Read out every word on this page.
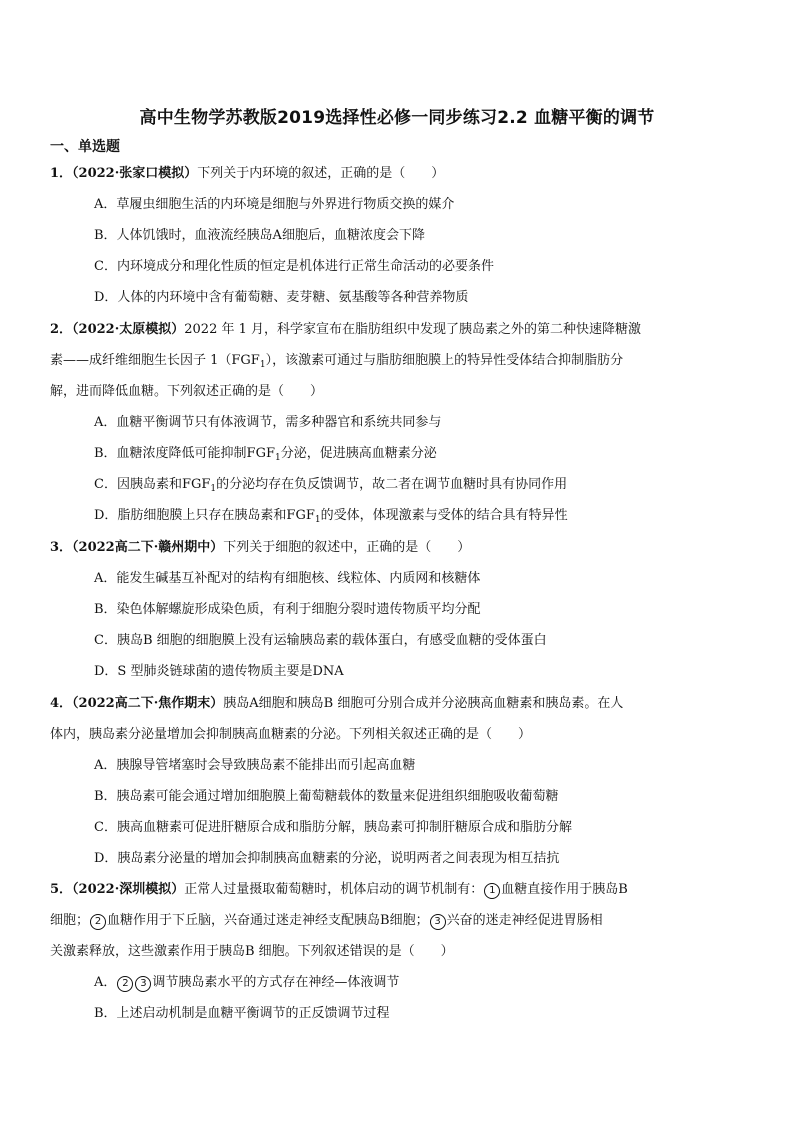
高中生物学苏教版2019选择性必修一同步练习2.2 血糖平衡的调节
一、单选题
1．（2022·张家口模拟）下列关于内环境的叙述，正确的是（　　）
A．草履虫细胞生活的内环境是细胞与外界进行物质交换的媒介
B．人体饥饿时，血液流经胰岛A细胞后，血糖浓度会下降
C．内环境成分和理化性质的恒定是机体进行正常生命活动的必要条件
D．人体的内环境中含有葡萄糖、麦芽糖、氨基酸等各种营养物质
2．（2022·太原模拟）2022 年 1 月，科学家宣布在脂肪组织中发现了胰岛素之外的第二种快速降糖激
素——成纤维细胞生长因子 $1(FGF_1)$，该激素可通过与脂肪细胞膜上的特异性受体结合抑制脂肪分
解，进而降低血糖。下列叙述正确的是（　　）
A．血糖平衡调节只有体液调节，需多种器官和系统共同参与
B．血糖浓度降低可能抑制$FGF_1$分泌，促进胰高血糖素分泌
C．因胰岛素和$FGF_1$的分泌均存在负反馈调节，故二者在调节血糖时具有协同作用
D．脂肪细胞膜上只存在胰岛素和$FGF_1$的受体，体现激素与受体的结合具有特异性
3．（2022高二下·赣州期中）下列关于细胞的叙述中，正确的是（　　）
A．能发生碱基互补配对的结构有细胞核、线粒体、内质网和核糖体
B．染色体解螺旋形成染色质，有利于细胞分裂时遗传物质平均分配
C．胰岛B 细胞的细胞膜上没有运输胰岛素的载体蛋白，有感受血糖的受体蛋白
D．S 型肺炎链球菌的遗传物质主要是DNA
4．（2022高二下·焦作期末）胰岛A细胞和胰岛B 细胞可分别合成并分泌胰高血糖素和胰岛素。在人
体内，胰岛素分泌量增加会抑制胰高血糖素的分泌。下列相关叙述正确的是（　　）
A．胰腺导管堵塞时会导致胰岛素不能排出而引起高血糖
B．胰岛素可能会通过增加细胞膜上葡萄糖载体的数量来促进组织细胞吸收葡萄糖
C．胰高血糖素可促进肝糖原合成和脂肪分解，胰岛素可抑制肝糖原合成和脂肪分解
D．胰岛素分泌量的增加会抑制胰高血糖素的分泌，说明两者之间表现为相互拮抗
5．（2022·深圳模拟）正常人过量摄取葡萄糖时，机体启动的调节机制有： 1 血糖直接作用于胰岛B
细胞； 2 血糖作用于下丘脑，兴奋通过迷走神经支配胰岛B细胞； 3 兴奋的迷走神经促进胃肠相
关激素释放，这些激素作用于胰岛B 细胞。下列叙述错误的是（　　）
A． 2 3 调节胰岛素水平的方式存在神经—体液调节
B．上述启动机制是血糖平衡调节的正反馈调节过程
